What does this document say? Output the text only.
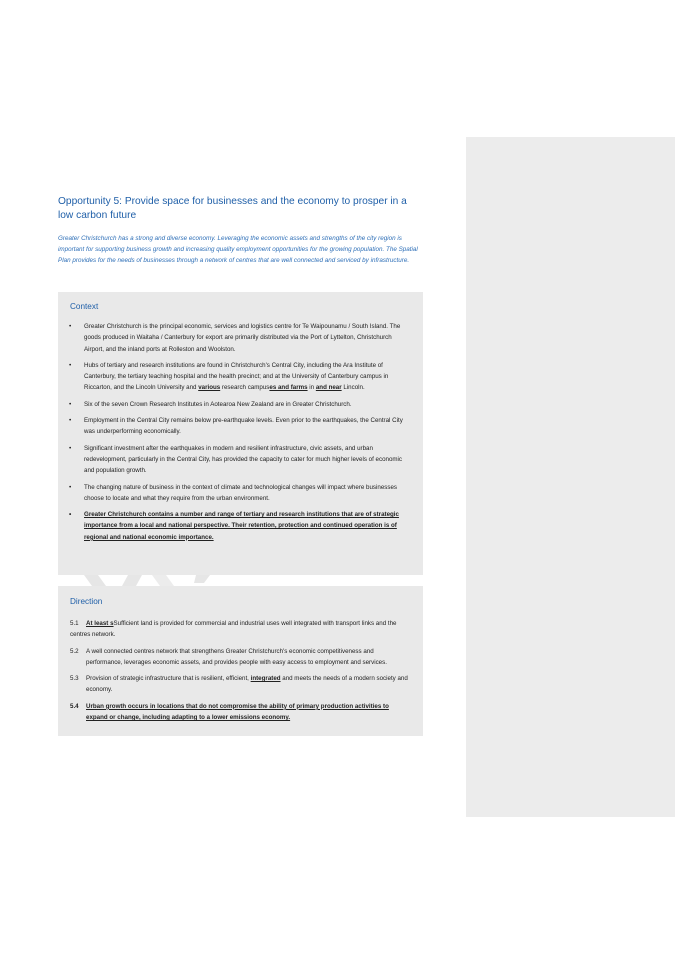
Opportunity 5: Provide space for businesses and the economy to prosper in a low carbon future
Greater Christchurch has a strong and diverse economy. Leveraging the economic assets and strengths of the city region is important for supporting business growth and increasing quality employment opportunities for the growing population. The Spatial Plan provides for the needs of businesses through a network of centres that are well connected and serviced by infrastructure.
Context
• Greater Christchurch is the principal economic, services and logistics centre for Te Waipounamu / South Island. The goods produced in Waitaha / Canterbury for export are primarily distributed via the Port of Lyttelton, Christchurch Airport, and the inland ports at Rolleston and Woolston.
• Hubs of tertiary and research institutions are found in Christchurch's Central City, including the Ara Institute of Canterbury, the tertiary teaching hospital and the health precinct; and at the University of Canterbury campus in Riccarton, and the Lincoln University and various research campuses and farms in and near Lincoln.
• Six of the seven Crown Research Institutes in Aotearoa New Zealand are in Greater Christchurch.
• Employment in the Central City remains below pre-earthquake levels. Even prior to the earthquakes, the Central City was underperforming economically.
• Significant investment after the earthquakes in modern and resilient infrastructure, civic assets, and urban redevelopment, particularly in the Central City, has provided the capacity to cater for much higher levels of economic and population growth.
• The changing nature of business in the context of climate and technological changes will impact where businesses choose to locate and what they require from the urban environment.
• Greater Christchurch contains a number and range of tertiary and research institutions that are of strategic importance from a local and national perspective. Their retention, protection and continued operation is of regional and national economic importance.
Direction
5.1 At least sSufficient land is provided for commercial and industrial uses well integrated with transport links and the centres network.
5.2 A well connected centres network that strengthens Greater Christchurch's economic competitiveness and performance, leverages economic assets, and provides people with easy access to employment and services.
5.3 Provision of strategic infrastructure that is resilient, efficient, integrated and meets the needs of a modern society and economy.
5.4 Urban growth occurs in locations that do not compromise the ability of primary production activities to expand or change, including adapting to a lower emissions economy.
